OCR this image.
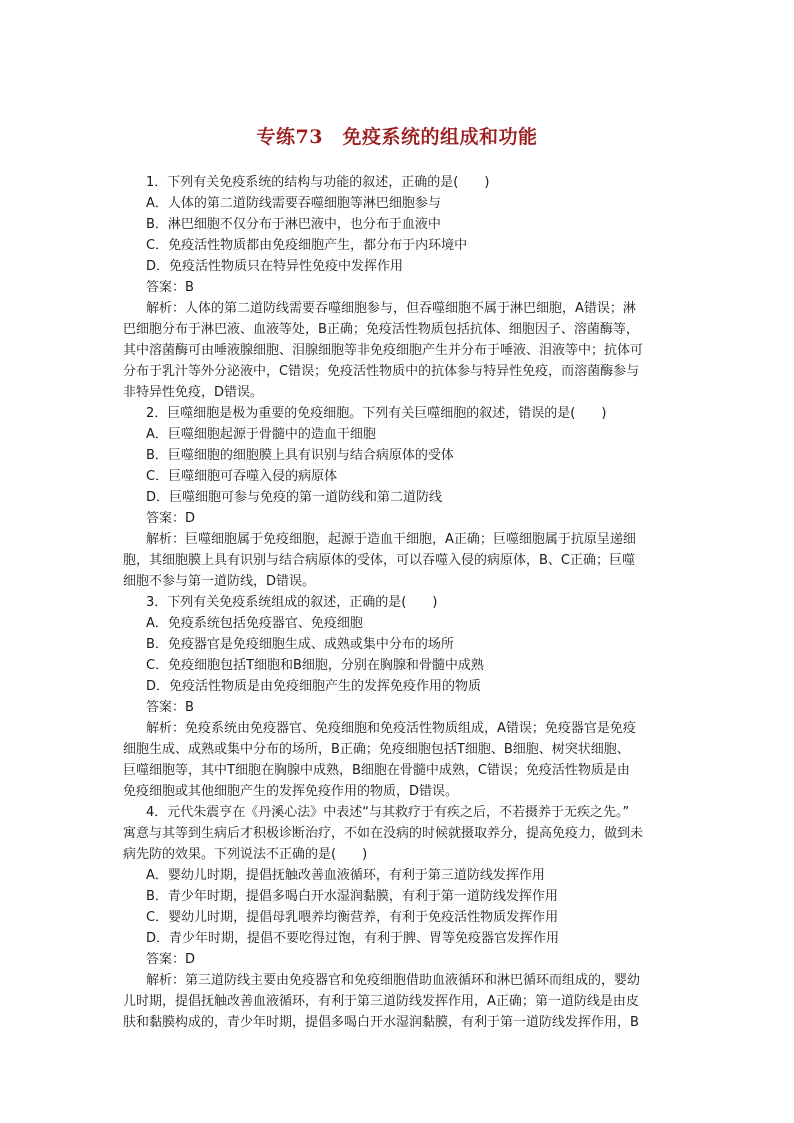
专练73　免疫系统的组成和功能

1．下列有关免疫系统的结构与功能的叙述，正确的是(　　)

A．人体的第二道防线需要吞噬细胞等淋巴细胞参与

B．淋巴细胞不仅分布于淋巴液中，也分布于血液中

C．免疫活性物质都由免疫细胞产生，都分布于内环境中

D．免疫活性物质只在特异性免疫中发挥作用

答案：B

解析：人体的第二道防线需要吞噬细胞参与，但吞噬细胞不属于淋巴细胞，A错误；淋

巴细胞分布于淋巴液、血液等处，B正确；免疫活性物质包括抗体、细胞因子、溶菌酶等，

其中溶菌酶可由唾液腺细胞、泪腺细胞等非免疫细胞产生并分布于唾液、泪液等中；抗体可

分布于乳汁等外分泌液中，C错误；免疫活性物质中的抗体参与特异性免疫，而溶菌酶参与

非特异性免疫，D错误。

2．巨噬细胞是极为重要的免疫细胞。下列有关巨噬细胞的叙述，错误的是(　　)

A．巨噬细胞起源于骨髓中的造血干细胞

B．巨噬细胞的细胞膜上具有识别与结合病原体的受体

C．巨噬细胞可吞噬入侵的病原体

D．巨噬细胞可参与免疫的第一道防线和第二道防线

答案：D

解析：巨噬细胞属于免疫细胞，起源于造血干细胞，A正确；巨噬细胞属于抗原呈递细

胞，其细胞膜上具有识别与结合病原体的受体，可以吞噬入侵的病原体，B、C正确；巨噬

细胞不参与第一道防线，D错误。

3．下列有关免疫系统组成的叙述，正确的是(　　)

A．免疫系统包括免疫器官、免疫细胞

B．免疫器官是免疫细胞生成、成熟或集中分布的场所

C．免疫细胞包括T细胞和B细胞，分别在胸腺和骨髓中成熟

D．免疫活性物质是由免疫细胞产生的发挥免疫作用的物质

答案：B

解析：免疫系统由免疫器官、免疫细胞和免疫活性物质组成，A错误；免疫器官是免疫

细胞生成、成熟或集中分布的场所，B正确；免疫细胞包括T细胞、B细胞、树突状细胞、

巨噬细胞等，其中T细胞在胸腺中成熟，B细胞在骨髓中成熟，C错误；免疫活性物质是由

免疫细胞或其他细胞产生的发挥免疫作用的物质，D错误。

4．元代朱震亨在《丹溪心法》中表述“与其救疗于有疾之后，不若摄养于无疾之先。”

寓意与其等到生病后才积极诊断治疗，不如在没病的时候就摄取养分，提高免疫力，做到未

病先防的效果。下列说法不正确的是(　　)

A．婴幼儿时期，提倡抚触改善血液循环，有利于第三道防线发挥作用

B．青少年时期，提倡多喝白开水湿润黏膜，有利于第一道防线发挥作用

C．婴幼儿时期，提倡母乳喂养均衡营养，有利于免疫活性物质发挥作用

D．青少年时期，提倡不要吃得过饱，有利于脾、胃等免疫器官发挥作用

答案：D

解析：第三道防线主要由免疫器官和免疫细胞借助血液循环和淋巴循环而组成的，婴幼

儿时期，提倡抚触改善血液循环，有利于第三道防线发挥作用，A正确；第一道防线是由皮

肤和黏膜构成的，青少年时期，提倡多喝白开水湿润黏膜，有利于第一道防线发挥作用，B
